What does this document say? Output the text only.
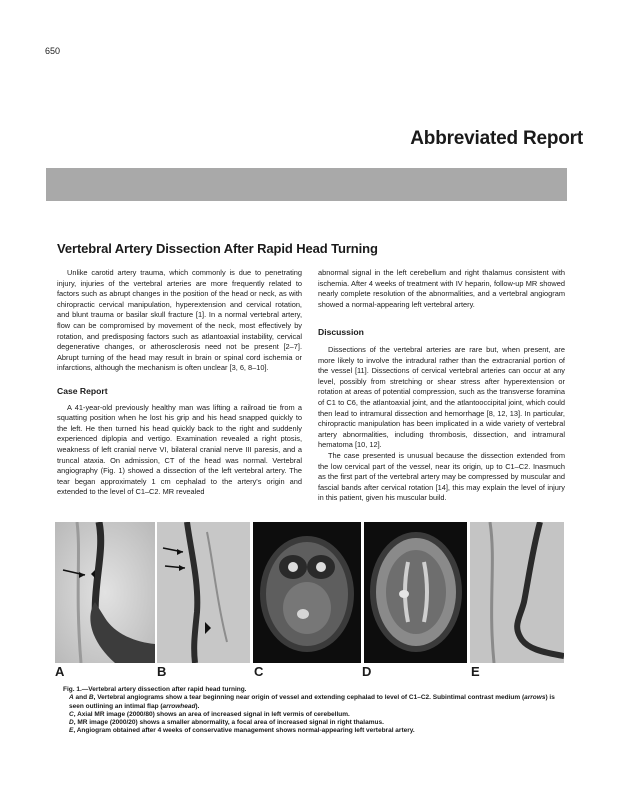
650
Abbreviated Report
Vertebral Artery Dissection After Rapid Head Turning

Unlike carotid artery trauma, which commonly is due to penetrating injury, injuries of the vertebral arteries are more frequently related to factors such as abrupt changes in the position of the head or neck, as with chiropractic cervical manipulation, hyperextension and cervical rotation, and blunt trauma or basilar skull fracture [1]. In a normal vertebral artery, flow can be compromised by movement of the neck, most effectively by rotation, and predisposing factors such as atlantoaxial instability, cervical degenerative changes, or atherosclerosis need not be present [2–7]. Abrupt turning of the head may result in brain or spinal cord ischemia or infarctions, although the mechanism is often unclear [3, 6, 8–10].

Case Report

A 41-year-old previously healthy man was lifting a railroad tie from a squatting position when he lost his grip and his head snapped quickly to the left. He then turned his head quickly back to the right and suddenly experienced diplopia and vertigo. Examination revealed a right ptosis, weakness of left cranial nerve VI, bilateral cranial nerve III paresis, and a truncal ataxia. On admission, CT of the head was normal. Vertebral angiography (Fig. 1) showed a dissection of the left vertebral artery. The tear began approximately 1 cm cephalad to the artery's origin and extended to the level of C1–C2. MR revealed

abnormal signal in the left cerebellum and right thalamus consistent with ischemia. After 4 weeks of treatment with IV heparin, follow-up MR showed nearly complete resolution of the abnormalities, and a vertebral angiogram showed a normal-appearing left vertebral artery.

Discussion

Dissections of the vertebral arteries are rare but, when present, are more likely to involve the intradural rather than the extracranial portion of the vessel [11]. Dissections of cervical vertebral arteries can occur at any level, possibly from stretching or shear stress after hyperextension or rotation at areas of potential compression, such as the transverse foramina of C1 to C6, the atlantoaxial joint, and the atlantooccipital joint, which could then lead to intramural dissection and hemorrhage [8, 12, 13]. In particular, chiropractic manipulation has been implicated in a wide variety of vertebral artery abnormalities, including thrombosis, dissection, and intramural hematoma [10, 12].

The case presented is unusual because the dissection extended from the low cervical part of the vessel, near its origin, up to C1–C2. Inasmuch as the first part of the vertebral artery may be compressed by muscular and fascial bands after cervical rotation [14], this may explain the level of injury in this patient, given his muscular build.

A	B	C	D	E
Fig. 1.—Vertebral artery dissection after rapid head turning.
A and B, Vertebral angiograms show a tear beginning near origin of vessel and extending cephalad to level of C1–C2. Subintimal contrast medium (arrows) is seen outlining an intimal flap (arrowhead).
C, Axial MR image (2000/80) shows an area of increased signal in left vermis of cerebellum.
D, MR image (2000/20) shows a smaller abnormality, a focal area of increased signal in right thalamus.
E, Angiogram obtained after 4 weeks of conservative management shows normal-appearing left vertebral artery.
